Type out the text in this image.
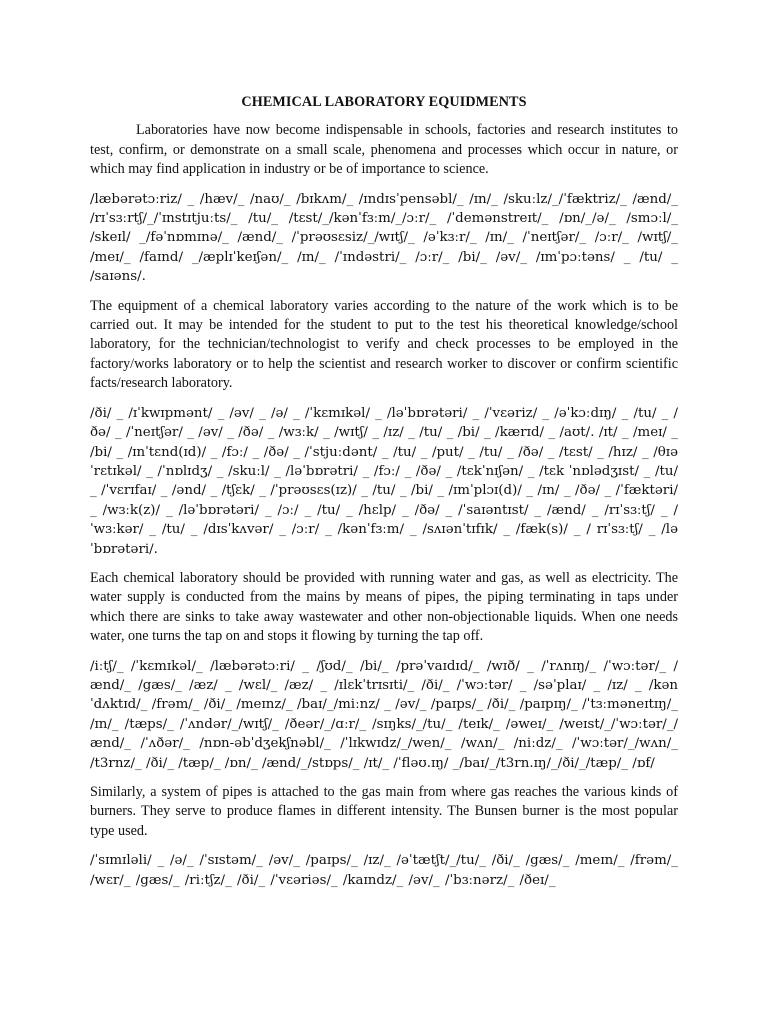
CHEMICAL LABORATORY EQUIDMENTS

Laboratories have now become indispensable in schools, factories and research institutes to test, confirm, or demonstrate on a small scale, phenomena and processes which occur in nature, or which may find application in industry or be of importance to science.

/læbərətɔːriz/ _ /hæv/_ /naʊ/_ /bɪkʌm/_ /ɪndɪsˈpensəbl/_ /ɪn/_ /skuːlz/_/ˈfæktriz/_ /ænd/_ /rɪˈsɜːrtʃ/_/ˈɪnstɪtjuːts/_ /tu/_ /tɛst/_/kənˈfɜːm/_/ɔːr/_ /ˈdemənstreɪt/_ /ɒn/_/ə/_ /smɔːl/_ /skeɪl/ _/fəˈnɒmɪnə/_ /ænd/_ /ˈprəʊsɛsiz/_/wɪtʃ/_ /əˈkɜːr/_ /ɪn/_ /ˈneɪtʃər/_ /ɔːr/_ /wɪtʃ/_ /meɪ/_ /faɪnd/ _/æplɪˈkeɪʃən/_ /ɪn/_ /ˈɪndəstri/_ /ɔːr/_ /bi/_ /əv/_ /ɪmˈpɔːtəns/ _ /tu/ _ /saɪəns/.

The equipment of a chemical laboratory varies according to the nature of the work which is to be carried out. It may be intended for the student to put to the test his theoretical knowledge/school laboratory, for the technician/technologist to verify and check processes to be employed in the factory/works laboratory or to help the scientist and research worker to discover or confirm scientific facts/research laboratory.

/ði/ _ /ɪˈkwɪpmənt/ _ /əv/ _ /ə/ _ /ˈkɛmɪkəl/ _ /ləˈbɒrətəri/ _ /ˈvɛəriz/ _ /əˈkɔːdɪŋ/ _ /tu/ _ /ðə/ _ /ˈneɪtʃər/ _ /əv/ _ /ðə/ _ /wɜːk/ _ /wɪtʃ/ _ /ɪz/ _ /tu/ _ /bi/ _ /kærɪd/ _ /aʊt/. /ɪt/ _ /meɪ/ _ /bi/ _ /ɪnˈtɛnd(ɪd)/ _ /fɔː/ _ /ðə/ _ /ˈstjuːdənt/ _ /tu/ _ /put/ _ /tu/ _ /ðə/ _ /tɛst/ _ /hɪz/ _ /θɪəˈrɛtɪkəl/ _ /ˈnɒlɪdʒ/ _ /skuːl/ _ /ləˈbɒrətri/ _ /fɔː/ _ /ðə/ _ /tɛkˈnɪʃən/ _ /tɛk ˈnɒlədʒɪst/ _ /tu/ _ /ˈvɛrɪfaɪ/ _ /ənd/ _ /tʃɛk/ _ /ˈprəʊsɛs(ɪz)/ _ /tu/ _ /bi/ _ /ɪmˈplɔɪ(d)/ _ /ɪn/ _ /ðə/ _ /ˈfæktəri/ _ /wɜːk(z)/ _ /ləˈbɒrətəri/ _ /ɔː/ _ /tu/ _ /hɛlp/ _ /ðə/ _ /ˈsaɪəntɪst/ _ /ænd/ _ /rɪˈsɜːtʃ/ _ /ˈwɜːkər/ _ /tu/ _ /dɪsˈkʌvər/ _ /ɔːr/ _ /kənˈfɜːm/ _ /sʌɪənˈtɪfɪk/ _ /fæk(s)/ _ / rɪˈsɜːtʃ/ _ /ləˈbɒrətəri/.

Each chemical laboratory should be provided with running water and gas, as well as electricity. The water supply is conducted from the mains by means of pipes, the piping terminating in taps under which there are sinks to take away wastewater and other non-objectionable liquids. When one needs water, one turns the tap on and stops it flowing by turning the tap off.

/iːtʃ/_ /ˈkɛmɪkəl/_ /læbərətɔːri/ _ /ʃʊd/_ /bi/_ /prəˈvaɪdɪd/_ /wɪð/ _ /ˈrʌnɪŋ/_ /ˈwɔːtər/_ /ænd/_ /gæs/_ /æz/ _ /wɛl/_ /æz/ _ /ɪlɛkˈtrɪsɪti/_ /ði/_ /ˈwɔːtər/ _ /səˈplaɪ/ _ /ɪz/ _ /kən ˈdʌktɪd/_ /frəm/_ /ði/_ /meɪnz/_ /baɪ/_/miːnz/ _ /əv/_ /paɪps/_ /ði/_ /paɪpɪŋ/_ /ˈtɜːməneɪtɪŋ/_ /ɪn/_ /tæps/_ /ˈʌndər/_/wɪtʃ/_ /ðeər/_/ɑːr/_ /sɪŋks/_/tu/_ /teɪk/_ /əweɪ/_ /weɪst/_/ˈwɔːtər/_/ænd/_ /ˈʌðər/_ /nɒn-əbˈdʒekʃnəbl/_ /ˈlɪkwɪdz/_/wen/_ /wʌn/_ /niːdz/_ /ˈwɔːtər/_/wʌn/_ /t3rnz/_ /ði/_ /tæp/_ /ɒn/_ /ænd/_/stɒps/_ /ɪt/_ /ˈfləʊ.ɪŋ/ _/baɪ/_/t3rn.ɪŋ/_/ði/_/tæp/_ /ɒf/

Similarly, a system of pipes is attached to the gas main from where gas reaches the various kinds of burners. They serve to produce flames in different intensity. The Bunsen burner is the most popular type used.

/ˈsɪmɪləli/ _ /ə/_ /ˈsɪstəm/_ /əv/_ /paɪps/_ /ɪz/_ /əˈtætʃt/_/tu/_ /ði/_ /gæs/_ /meɪn/_ /frəm/_ /wɛr/_ /gæs/_ /riːtʃz/_ /ði/_ /ˈvɛəriəs/_ /kaɪndz/_ /əv/_ /ˈbɜːnərz/_ /ðeɪ/_
